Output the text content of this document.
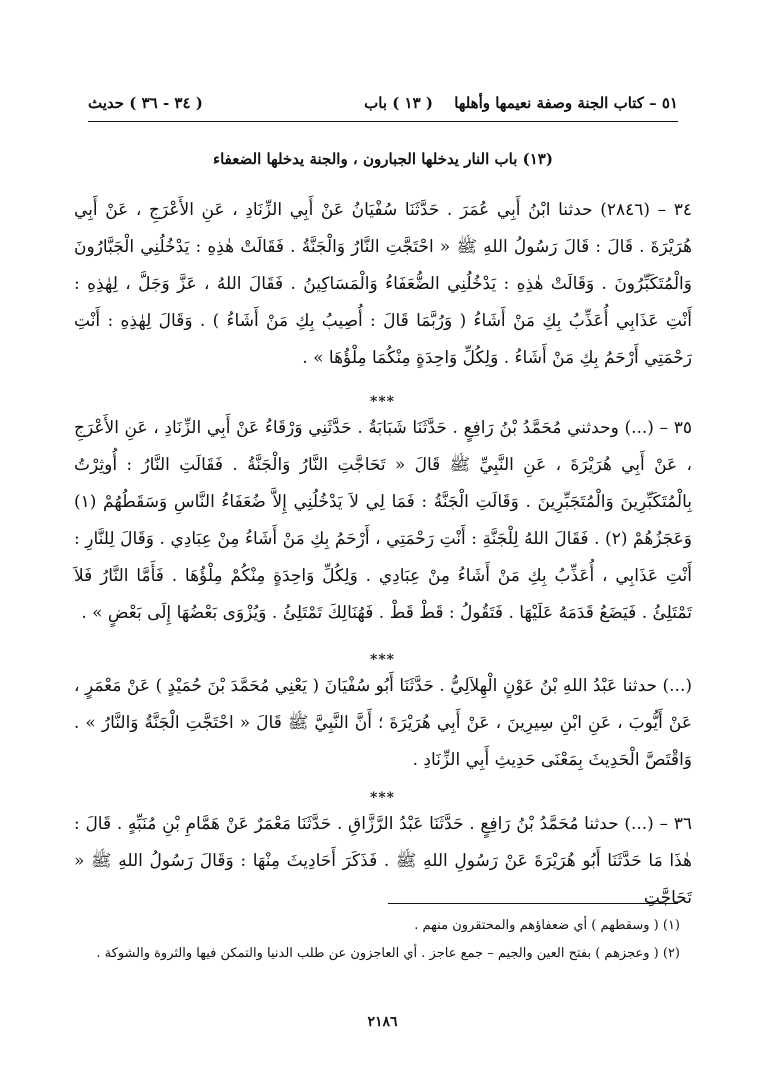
٥١ – كتاب الجنة وصفة نعيمها وأهلها
( ١٣ ) باب
( ٣٤ - ٣٦ ) حديث
(١٣) باب النار يدخلها الجبارون ، والجنة يدخلها الضعفاء

٣٤ – (٢٨٤٦) حدثنا ابْنُ أَبِي عُمَرَ . حَدَّثَنَا سُفْيَانُ عَنْ أَبِي الزِّنَادِ ، عَنِ الأَعْرَجِ ، عَنْ أَبِي هُرَيْرَةَ . قَالَ : قَالَ رَسُولُ اللهِ ﷺ « احْتَجَّتِ النَّارُ وَالْجَنَّةُ . فَقَالَتْ هٰذِهِ : يَدْخُلُنِي الْجَبَّارُونَ وَالْمُتَكَبِّرُونَ . وَقَالَتْ هٰذِهِ : يَدْخُلُنِي الضُّعَفَاءُ وَالْمَسَاكِينُ . فَقَالَ اللهُ ، عَزَّ وَجَلَّ ، لِهٰذِهِ : أَنْتِ عَذَابِي أُعَذِّبُ بِكِ مَنْ أَشَاءُ ( وَرُبَّمَا قَالَ : أُصِيبُ بِكِ مَنْ أَشَاءُ ) . وَقَالَ لِهٰذِهِ : أَنْتِ رَحْمَتِي أَرْحَمُ بِكِ مَنْ أَشَاءُ . وَلِكُلِّ وَاحِدَةٍ مِنْكُمَا مِلْؤُهَا » .

***

٣٥ – (...) وحدثني مُحَمَّدُ بْنُ رَافِعٍ . حَدَّثَنَا شَبَابَةُ . حَدَّثَنِي وَرْقَاءُ عَنْ أَبِي الزِّنَادِ ، عَنِ الأَعْرَجِ ، عَنْ أَبِي هُرَيْرَةَ ، عَنِ النَّبِيِّ ﷺ قَالَ « تَحَاجَّتِ النَّارُ وَالْجَنَّةُ . فَقَالَتِ النَّارُ : أُوثِرْتُ بِالْمُتَكَبِّرِينَ وَالْمُتَجَبِّرِينَ . وَقَالَتِ الْجَنَّةُ : فَمَا لِي لاَ يَدْخُلُنِي إِلاَّ ضُعَفَاءُ النَّاسِ وَسَقَطُهُمْ (١) وَعَجَزُهُمْ (٢) . فَقَالَ اللهُ لِلْجَنَّةِ : أَنْتِ رَحْمَتِي ، أَرْحَمُ بِكِ مَنْ أَشَاءُ مِنْ عِبَادِي . وَقَالَ لِلنَّارِ : أَنْتِ عَذَابِي ، أُعَذِّبُ بِكِ مَنْ أَشَاءُ مِنْ عِبَادِي . وَلِكُلِّ وَاحِدَةٍ مِنْكُمْ مِلْؤُهَا . فَأَمَّا النَّارُ فَلاَ تَمْتَلِئُ . فَيَضَعُ قَدَمَهُ عَلَيْهَا . فَتَقُولُ : قَطْ قَطْ . فَهُنَالِكَ تَمْتَلِئُ . وَيُزْوَى بَعْضُهَا إِلَى بَعْضٍ » .

***

(...) حدثنا عَبْدُ اللهِ بْنُ عَوْنٍ الْهِلاَلِيُّ . حَدَّثَنَا أَبُو سُفْيَانَ ( يَعْنِي مُحَمَّدَ بْنَ حُمَيْدٍ ) عَنْ مَعْمَرٍ ، عَنْ أَيُّوبَ ، عَنِ ابْنِ سِيرِينَ ، عَنْ أَبِي هُرَيْرَةَ ؛ أَنَّ النَّبِيَّ ﷺ قَالَ « احْتَجَّتِ الْجَنَّةُ وَالنَّارُ » . وَاقْتَصَّ الْحَدِيثَ بِمَعْنَى حَدِيثِ أَبِي الزِّنَادِ .

***

٣٦ – (...) حدثنا مُحَمَّدُ بْنُ رَافِعٍ . حَدَّثَنَا عَبْدُ الرَّزَّاقِ . حَدَّثَنَا مَعْمَرٌ عَنْ هَمَّامِ بْنِ مُنَبِّهٍ . قَالَ : هٰذَا مَا حَدَّثَنَا أَبُو هُرَيْرَةَ عَنْ رَسُولِ اللهِ ﷺ . فَذَكَرَ أَحَادِيثَ مِنْهَا : وَقَالَ رَسُولُ اللهِ ﷺ « تَحَاجَّتِ

(١) ( وسقطهم ) أي ضعفاؤهم والمحتقرون منهم .
(٢) ( وعجزهم ) بفتح العين والجيم – جمع عاجز . أي العاجزون عن طلب الدنيا والتمكن فيها والثروة والشوكة .
٢١٨٦
